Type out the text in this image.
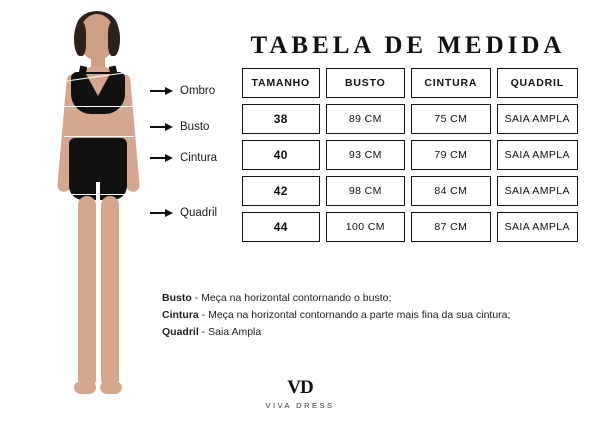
Ombro
Busto
Cintura
Quadril
TABELA DE MEDIDA
TAMANHO	BUSTO	CINTURA	QUADRIL
38	89 CM	75 CM	SAIA AMPLA
40	93 CM	79 CM	SAIA AMPLA
42	98 CM	84 CM	SAIA AMPLA
44	100 CM	87 CM	SAIA AMPLA
Busto - Meça na horizontal contornando o busto;
Cintura - Meça na horizontal contornando a parte mais fina da sua cintura;
Quadril - Saia Ampla
VD
VIVA DRESS
